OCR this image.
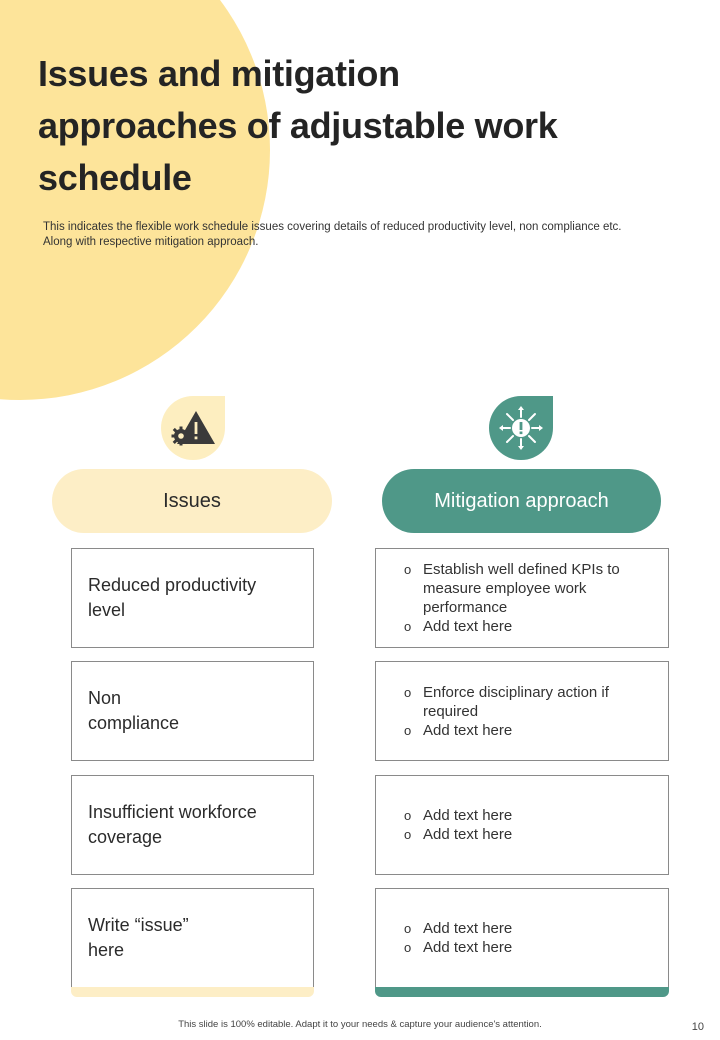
Issues and mitigation approaches of adjustable work schedule

This indicates the flexible work schedule issues covering details of reduced productivity level, non compliance etc. Along with respective mitigation approach.

Issues	Mitigation approach
Reduced productivity level
o Establish well defined KPIs to measure employee work performance
o Add text here
Non compliance
o Enforce disciplinary action if required
o Add text here
Insufficient workforce coverage
o Add text here
o Add text here
Write “issue” here
o Add text here
o Add text here

This slide is 100% editable. Adapt it to your needs & capture your audience's attention.	10
